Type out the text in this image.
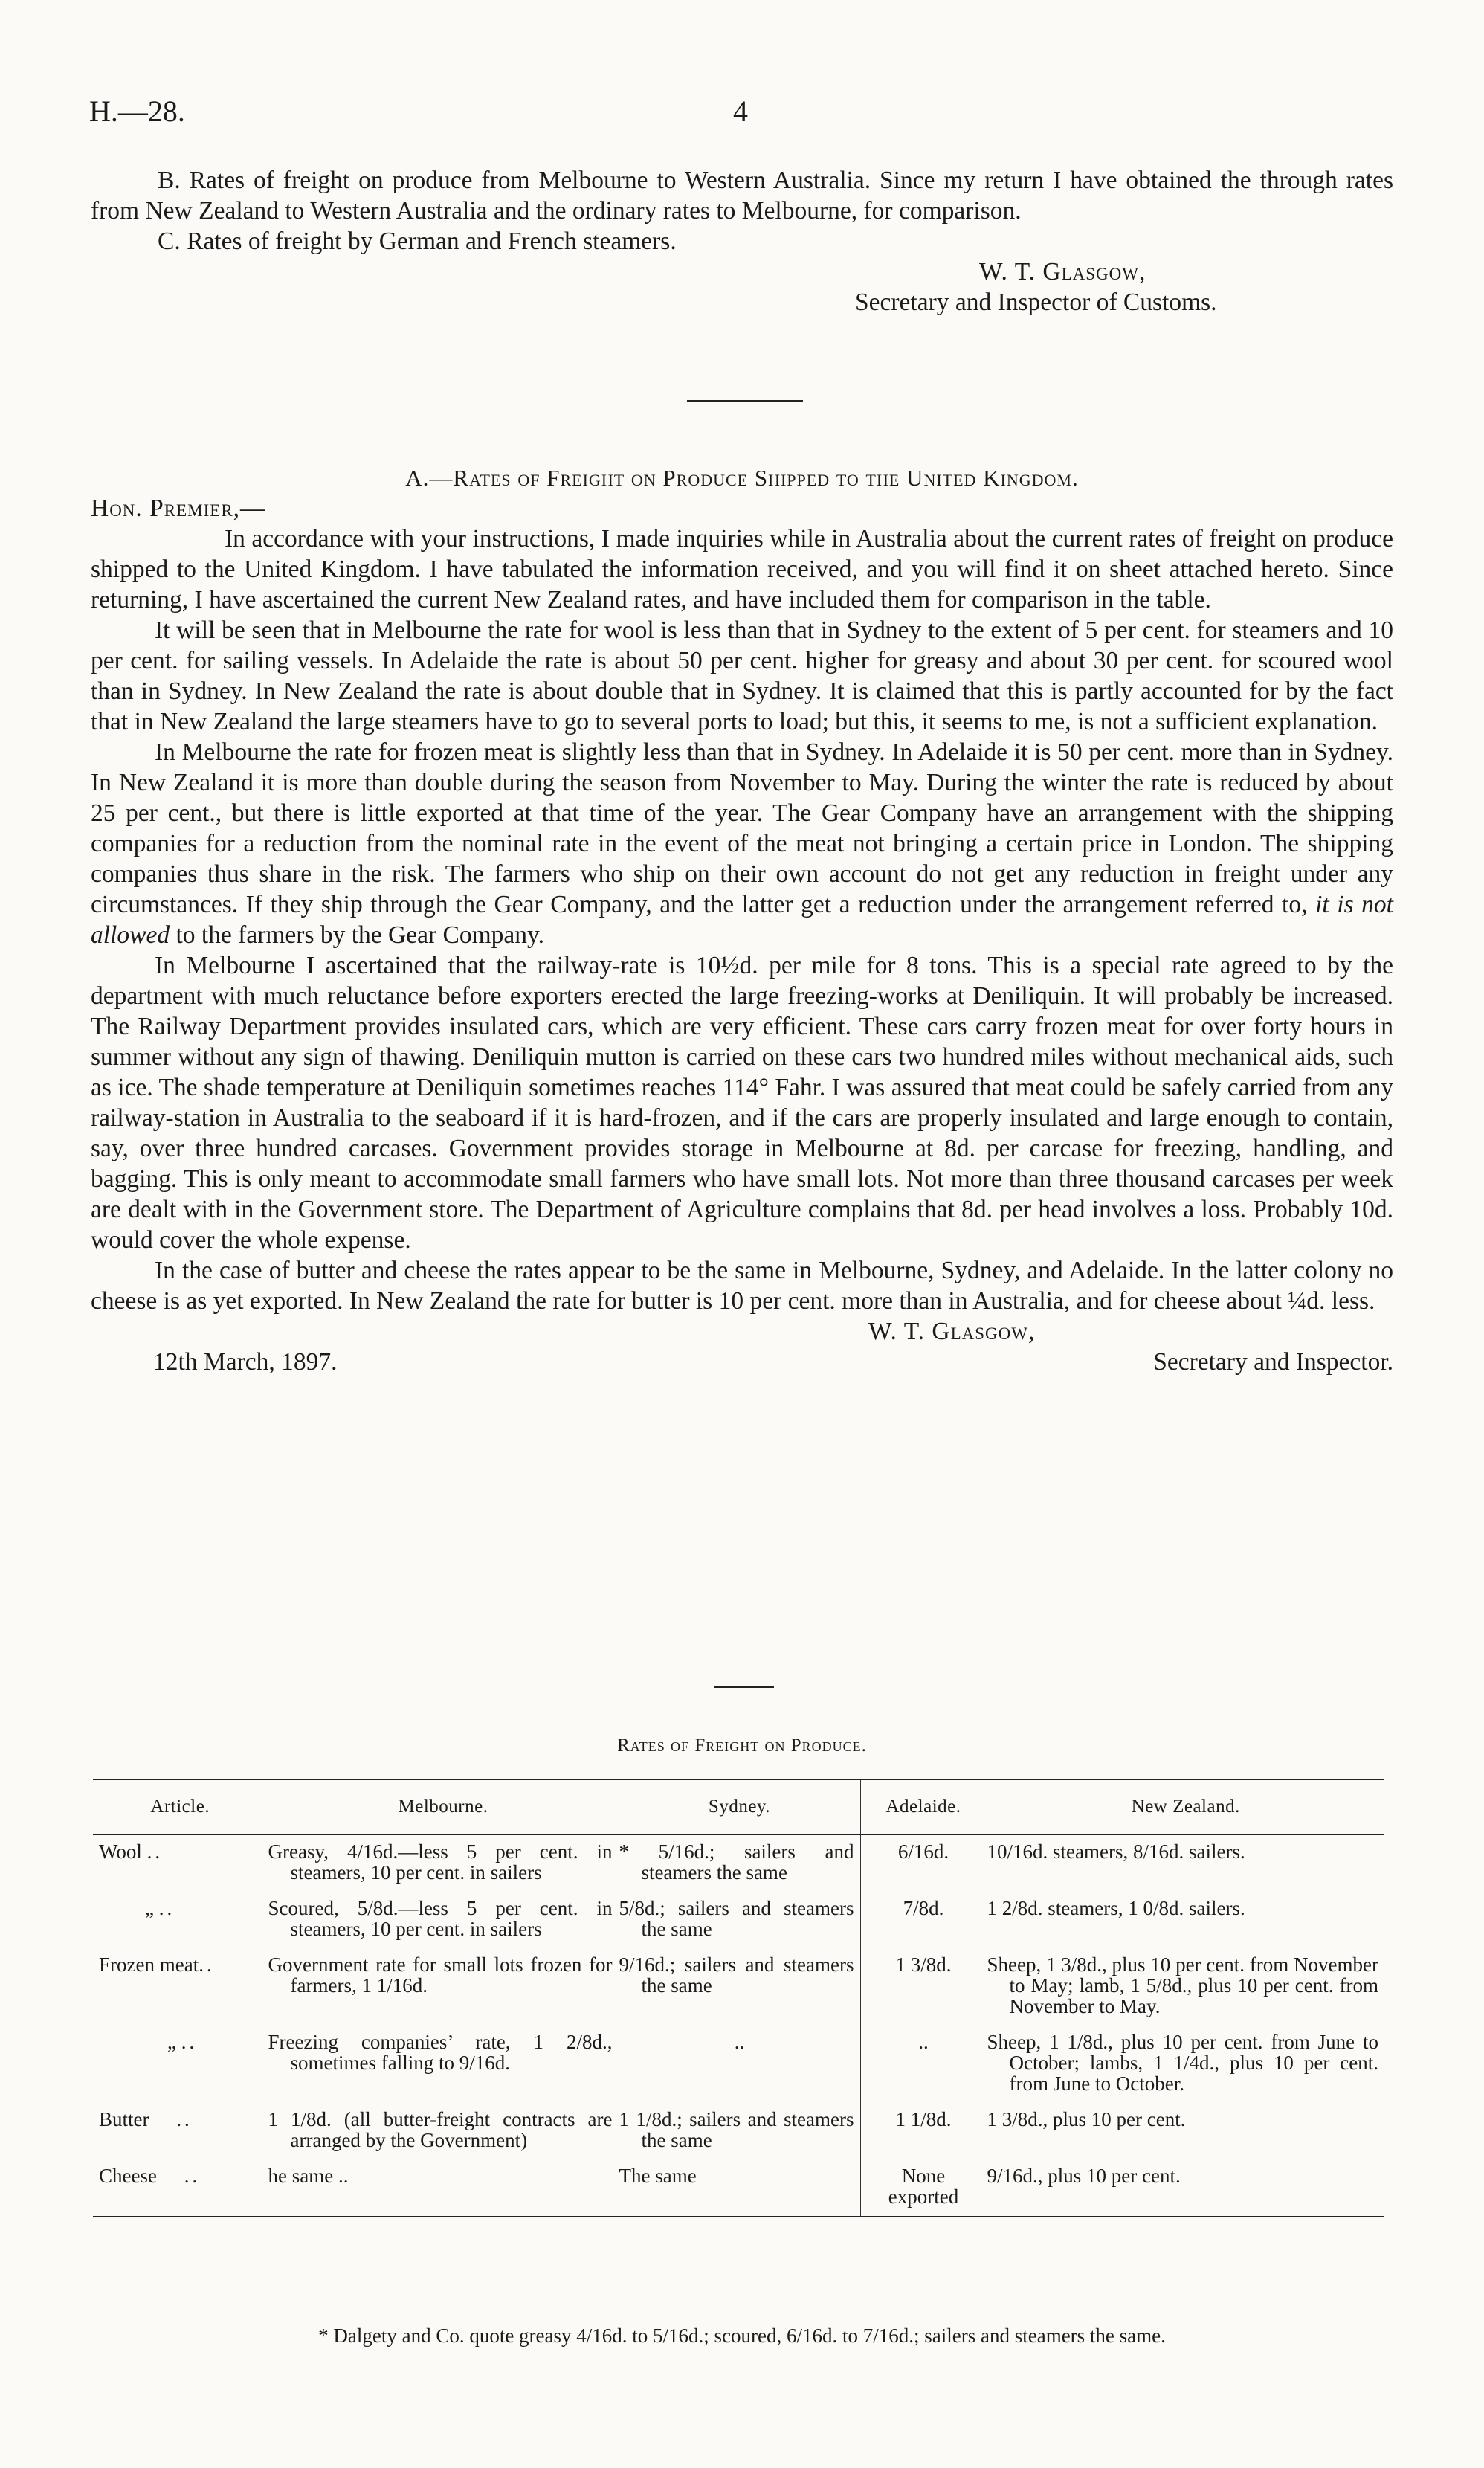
H.—28.	4

B. Rates of freight on produce from Melbourne to Western Australia. Since my return I have obtained the through rates from New Zealand to Western Australia and the ordinary rates to Melbourne, for comparison.

C. Rates of freight by German and French steamers.

W. T. Glasgow,

Secretary and Inspector of Customs.

A.—Rates of Freight on Produce Shipped to the United Kingdom.

Hon. Premier,—

In accordance with your instructions, I made inquiries while in Australia about the current rates of freight on produce shipped to the United Kingdom. I have tabulated the information received, and you will find it on sheet attached hereto. Since returning, I have ascertained the current New Zealand rates, and have included them for comparison in the table.

It will be seen that in Melbourne the rate for wool is less than that in Sydney to the extent of 5 per cent. for steamers and 10 per cent. for sailing vessels. In Adelaide the rate is about 50 per cent. higher for greasy and about 30 per cent. for scoured wool than in Sydney. In New Zealand the rate is about double that in Sydney. It is claimed that this is partly accounted for by the fact that in New Zealand the large steamers have to go to several ports to load; but this, it seems to me, is not a sufficient explanation.

In Melbourne the rate for frozen meat is slightly less than that in Sydney. In Adelaide it is 50 per cent. more than in Sydney. In New Zealand it is more than double during the season from November to May. During the winter the rate is reduced by about 25 per cent., but there is little exported at that time of the year. The Gear Company have an arrangement with the shipping companies for a reduction from the nominal rate in the event of the meat not bringing a certain price in London. The shipping companies thus share in the risk. The farmers who ship on their own account do not get any reduction in freight under any circumstances. If they ship through the Gear Company, and the latter get a reduction under the arrangement referred to, it is not allowed to the farmers by the Gear Company.

In Melbourne I ascertained that the railway-rate is 10½d. per mile for 8 tons. This is a special rate agreed to by the department with much reluctance before exporters erected the large freezing-works at Deniliquin. It will probably be increased. The Railway Department provides insulated cars, which are very efficient. These cars carry frozen meat for over forty hours in summer without any sign of thawing. Deniliquin mutton is carried on these cars two hundred miles without mechanical aids, such as ice. The shade temperature at Deniliquin sometimes reaches 114° Fahr. I was assured that meat could be safely carried from any railway-station in Australia to the seaboard if it is hard-frozen, and if the cars are properly insulated and large enough to contain, say, over three hundred carcases. Government provides storage in Melbourne at 8d. per carcase for freezing, handling, and bagging. This is only meant to accommodate small farmers who have small lots. Not more than three thousand carcases per week are dealt with in the Government store. The Department of Agriculture complains that 8d. per head involves a loss. Probably 10d. would cover the whole expense.

In the case of butter and cheese the rates appear to be the same in Melbourne, Sydney, and Adelaide. In the latter colony no cheese is as yet exported. In New Zealand the rate for butter is 10 per cent. more than in Australia, and for cheese about ¼d. less.

W. T. Glasgow,

12th March, 1897.	Secretary and Inspector.

Rates of Freight on Produce.
Article.	Melbourne.	Sydney.	Adelaide.	New Zealand.
Wool ..	Greasy, 4/16d.—less 5 per cent. in steamers, 10 per cent. in sailers	* 5/16d.; sailers and steamers the same	6/16d.	10/16d. steamers, 8/16d. sailers.
„ ..	Scoured, 5/8d.—less 5 per cent. in steamers, 10 per cent. in sailers	5/8d.; sailers and steamers the same	7/8d.	1 2/8d. steamers, 1 0/8d. sailers.
Frozen meat..	Government rate for small lots frozen for farmers, 1 1/16d.	9/16d.; sailers and steamers the same	1 3/8d.	Sheep, 1 3/8d., plus 10 per cent. from November to May; lamb, 1 5/8d., plus 10 per cent. from November to May.
„ ..	Freezing companies’ rate, 1 2/8d., sometimes falling to 9/16d.	..	..	Sheep, 1 1/8d., plus 10 per cent. from June to October; lambs, 1 1/4d., plus 10 per cent. from June to October.
Butter ..	1 1/8d. (all butter-freight contracts are arranged by the Government)	1 1/8d.; sailers and steamers the same	1 1/8d.	1 3/8d., plus 10 per cent.
Cheese ..	he same ..	The same	None exported	9/16d., plus 10 per cent.
* Dalgety and Co. quote greasy 4/16d. to 5/16d.; scoured, 6/16d. to 7/16d.; sailers and steamers the same.
